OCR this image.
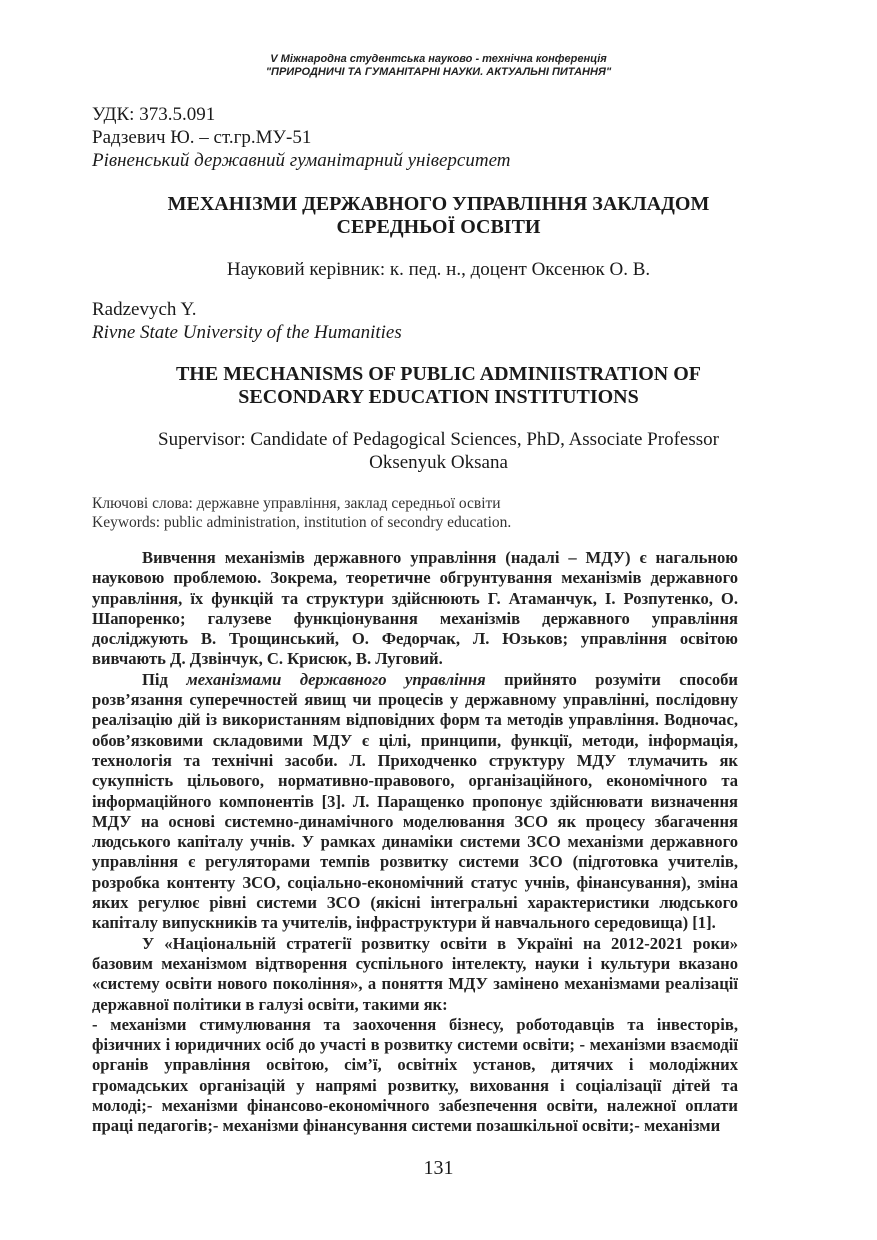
V Міжнародна студентська науково - технічна конференція
"ПРИРОДНИЧІ ТА ГУМАНІТАРНІ НАУКИ. АКТУАЛЬНІ ПИТАННЯ"
УДК: 373.5.091
Радзевич Ю. – ст.гр.МУ-51
Рівненський державний гуманітарний університет
МЕХАНІЗМИ ДЕРЖАВНОГО УПРАВЛІННЯ ЗАКЛАДОМ
СЕРЕДНЬОЇ ОСВІТИ
Науковий керівник: к. пед. н., доцент Оксенюк О. В.
Radzevych Y.
Rivne State University of the Humanities
THE MECHANISMS OF PUBLIC ADMINIISTRATION OF
SECONDARY EDUCATION INSTITUTIONS
Supervisor: Candidate of Pedagogical Sciences, PhD, Associate Professor
Oksenyuk Oksana
Ключові слова: державне управління, заклад середньої освіти
Keywords: public administration, institution of secondry education.

Вивчення механізмів державного управління (надалі – МДУ) є нагальною науковою проблемою. Зокрема, теоретичне обгрунтування механізмів державного управління, їх функцій та структури здійснюють Г. Атаманчук, І. Розпутенко, О. Шапоренко; галузеве функціонування механізмів державного управління досліджують В. Трощинський, О. Федорчак, Л. Юзьков; управління освітою вивчають Д. Дзвінчук, С. Крисюк, В. Луговий.

Під механізмами державного управління прийнято розуміти способи розв’язання суперечностей явищ чи процесів у державному управлінні, послідовну реалізацію дій із використанням відповідних форм та методів управління. Водночас, обов’язковими складовими МДУ є цілі, принципи, функції, методи, інформація, технологія та технічні засоби. Л. Приходченко структуру МДУ тлумачить як сукупність цільового, нормативно-правового, організаційного, економічного та інформаційного компонентів [3]. Л. Паращенко пропонує здійснювати визначення МДУ на основі системно-динамічного моделювання ЗСО як процесу збагачення людського капіталу учнів. У рамках динаміки системи ЗСО механізми державного управління є регуляторами темпів розвитку системи ЗСО (підготовка учителів, розробка контенту ЗСО, соціально-економічний статус учнів, фінансування), зміна яких регулює рівні системи ЗСО (якісні інтегральні характеристики людського капіталу випускників та учителів, інфраструктури й навчального середовища) [1].

У «Національній стратегії розвитку освіти в Україні на 2012-2021 роки» базовим механізмом відтворення суспільного інтелекту, науки і культури вказано «систему освіти нового покоління», а поняття МДУ замінено механізмами реалізації державної політики в галузі освіти, такими як:

- механізми стимулювання та заохочення бізнесу, роботодавців та інвесторів, фізичних і юридичних осіб до участі в розвитку системи освіти; - механізми взаємодії органів управління освітою, сім’ї, освітніх установ, дитячих і молодіжних громадських організацій у напрямі розвитку, виховання і соціалізації дітей та молоді;- механізми фінансово-економічного забезпечення освіти, належної оплати праці педагогів;- механізми фінансування системи позашкільної освіти;- механізми

131
